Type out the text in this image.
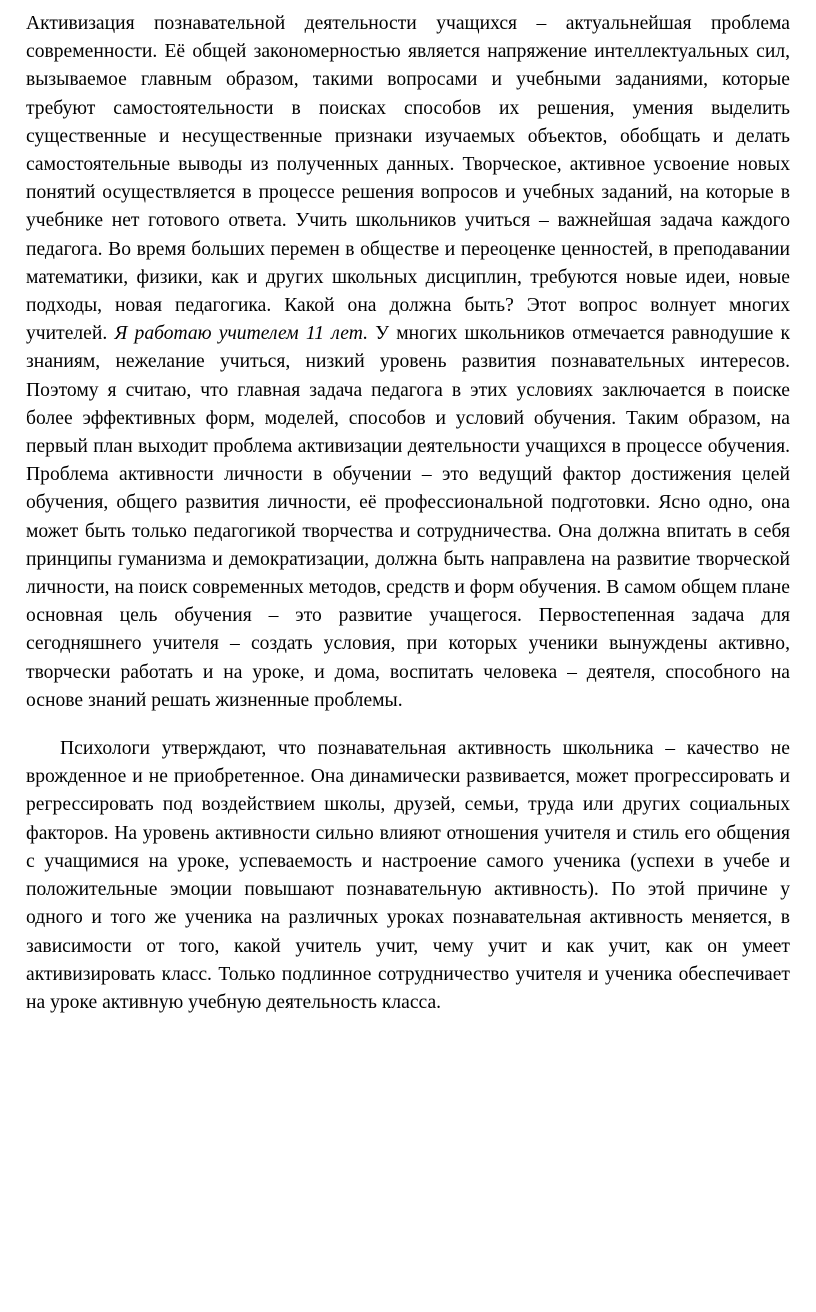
Активизация познавательной деятельности учащихся – актуальнейшая проблема современности. Её общей закономерностью является напряжение интеллектуальных сил, вызываемое главным образом, такими вопросами и учебными заданиями, которые требуют самостоятельности в поисках способов их решения, умения выделить существенные и несущественные признаки изучаемых объектов, обобщать и делать самостоятельные выводы из полученных данных. Творческое, активное усвоение новых понятий осуществляется в процессе решения вопросов и учебных заданий, на которые в учебнике нет готового ответа. Учить школьников учиться – важнейшая задача каждого педагога. Во время больших перемен в обществе и переоценке ценностей, в преподавании математики, физики, как и других школьных дисциплин, требуются новые идеи, новые подходы, новая педагогика. Какой она должна быть? Этот вопрос волнует многих учителей. Я работаю учителем 11 лет. У многих школьников отмечается равнодушие к знаниям, нежелание учиться, низкий уровень развития познавательных интересов. Поэтому я считаю, что главная задача педагога в этих условиях заключается в поиске более эффективных форм, моделей, способов и условий обучения. Таким образом, на первый план выходит проблема активизации деятельности учащихся в процессе обучения. Проблема активности личности в обучении – это ведущий фактор достижения целей обучения, общего развития личности, её профессиональной подготовки. Ясно одно, она может быть только педагогикой творчества и сотрудничества. Она должна впитать в себя принципы гуманизма и демократизации, должна быть направлена на развитие творческой личности, на поиск современных методов, средств и форм обучения. В самом общем плане основная цель обучения – это развитие учащегося. Первостепенная задача для сегодняшнего учителя – создать условия, при которых ученики вынуждены активно, творчески работать и на уроке, и дома, воспитать человека – деятеля, способного на основе знаний решать жизненные проблемы.

Психологи утверждают, что познавательная активность школьника – качество не врожденное и не приобретенное. Она динамически развивается, может прогрессировать и регрессировать под воздействием школы, друзей, семьи, труда или других социальных факторов. На уровень активности сильно влияют отношения учителя и стиль его общения с учащимися на уроке, успеваемость и настроение самого ученика (успехи в учебе и положительные эмоции повышают познавательную активность). По этой причине у одного и того же ученика на различных уроках познавательная активность меняется, в зависимости от того, какой учитель учит, чему учит и как учит, как он умеет активизировать класс. Только подлинное сотрудничество учителя и ученика обеспечивает на уроке активную учебную деятельность класса.
